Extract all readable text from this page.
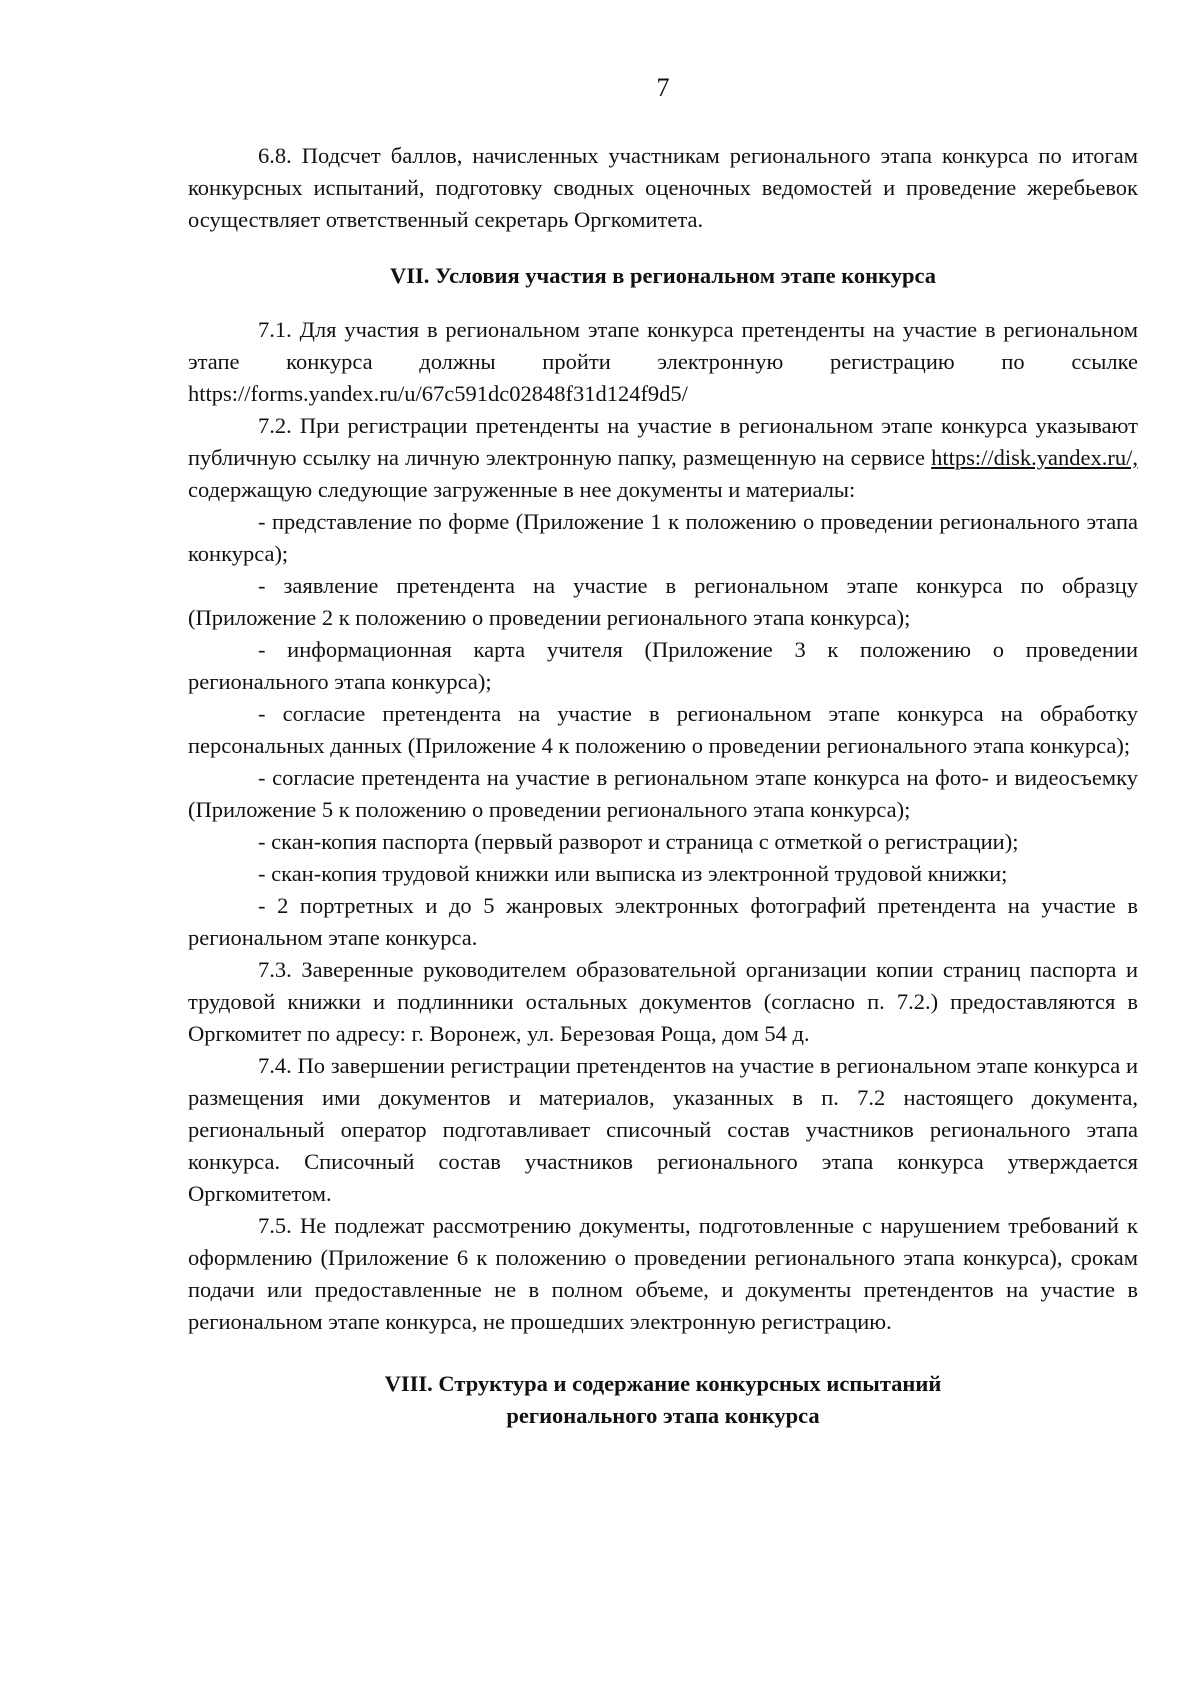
7

6.8. Подсчет баллов, начисленных участникам регионального этапа конкурса по итогам конкурсных испытаний, подготовку сводных оценочных ведомостей и проведение жеребьевок осуществляет ответственный секретарь Оргкомитета.

VII. Условия участия в региональном этапе конкурса

7.1. Для участия в региональном этапе конкурса претенденты на участие в региональном этапе конкурса должны пройти электронную регистрацию по ссылке https://forms.yandex.ru/u/67c591dc02848f31d124f9d5/

7.2. При регистрации претенденты на участие в региональном этапе конкурса указывают публичную ссылку на личную электронную папку, размещенную на сервисе https://disk.yandex.ru/, содержащую следующие загруженные в нее документы и материалы:

- представление по форме (Приложение 1 к положению о проведении регионального этапа конкурса);

- заявление претендента на участие в региональном этапе конкурса по образцу (Приложение 2 к положению о проведении регионального этапа конкурса);

- информационная карта учителя (Приложение 3 к положению о проведении регионального этапа конкурса);

- согласие претендента на участие в региональном этапе конкурса на обработку персональных данных (Приложение 4 к положению о проведении регионального этапа конкурса);

- согласие претендента на участие в региональном этапе конкурса на фото- и видеосъемку (Приложение 5 к положению о проведении регионального этапа конкурса);

- скан-копия паспорта (первый разворот и страница с отметкой о регистрации);

- скан-копия трудовой книжки или выписка из электронной трудовой книжки;

- 2 портретных и до 5 жанровых электронных фотографий претендента на участие в региональном этапе конкурса.

7.3. Заверенные руководителем образовательной организации копии страниц паспорта и трудовой книжки и подлинники остальных документов (согласно п. 7.2.) предоставляются в Оргкомитет по адресу: г. Воронеж, ул. Березовая Роща, дом 54 д.

7.4. По завершении регистрации претендентов на участие в региональном этапе конкурса и размещения ими документов и материалов, указанных в п. 7.2 настоящего документа, региональный оператор подготавливает списочный состав участников регионального этапа конкурса. Списочный состав участников регионального этапа конкурса утверждается Оргкомитетом.

7.5. Не подлежат рассмотрению документы, подготовленные с нарушением требований к оформлению (Приложение 6 к положению о проведении регионального этапа конкурса), срокам подачи или предоставленные не в полном объеме, и документы претендентов на участие в региональном этапе конкурса, не прошедших электронную регистрацию.

VIII. Структура и содержание конкурсных испытаний
регионального этапа конкурса
